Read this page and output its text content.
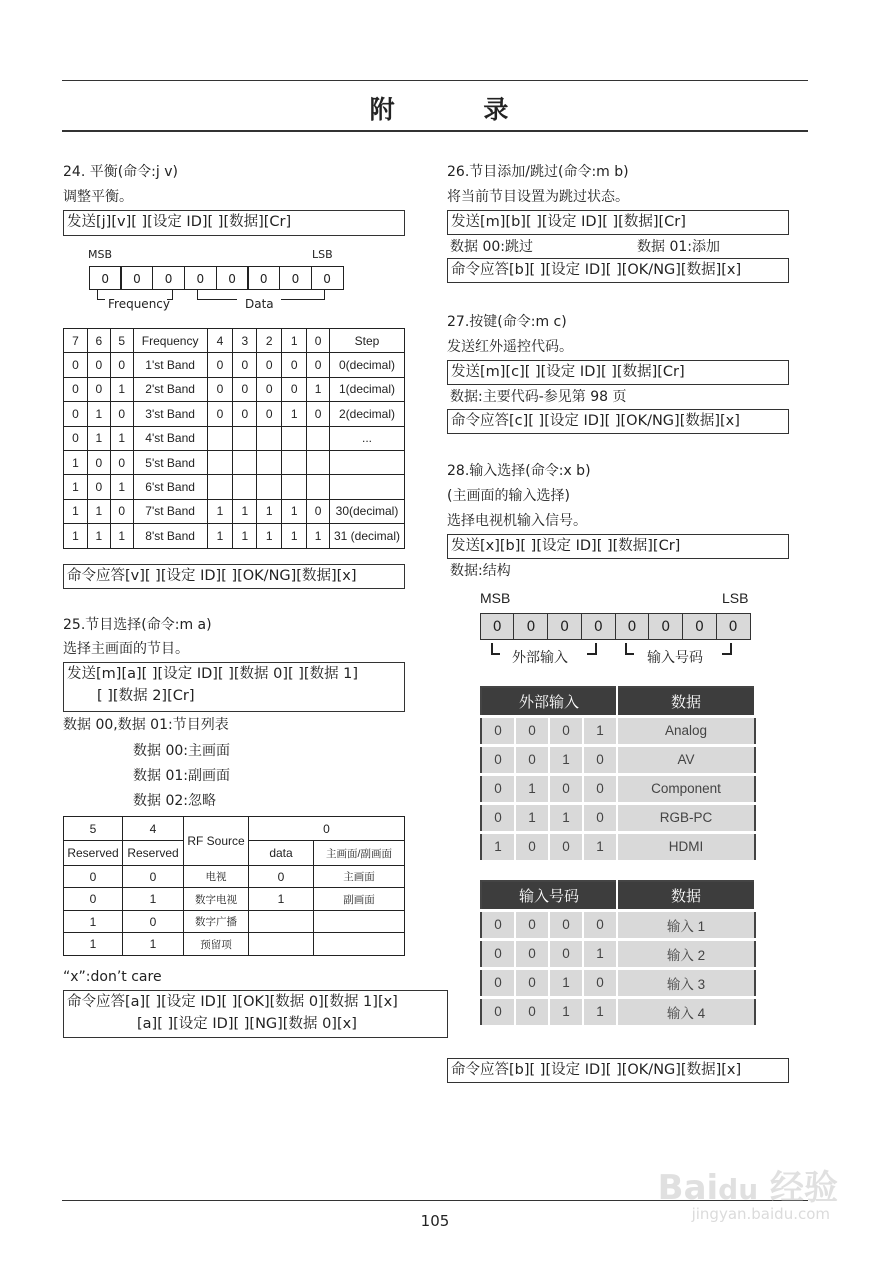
附 录
24. 平衡(命令:j v)
调整平衡。
发送[j][v][ ][设定 ID][ ][数据][Cr]
MSB	LSB
0	0	0	0	0	0	0	0
Frequency	Data
7	6	5	Frequency	4	3	2	1	0	Step
0	0	0	1'st Band	0	0	0	0	0	0(decimal)
0	0	1	2'st Band	0	0	0	0	1	1(decimal)
0	1	0	3'st Band	0	0	0	1	0	2(decimal)
0	1	1	4'st Band						...
1	0	0	5'st Band						
1	0	1	6'st Band						
1	1	0	7'st Band	1	1	1	1	0	30(decimal)
1	1	1	8'st Band	1	1	1	1	1	31 (decimal)
命令应答[v][ ][设定 ID][ ][OK/NG][数据][x]
25.节目选择(命令:m a)
选择主画面的节目。
发送[m][a][ ][设定 ID][ ][数据 0][ ][数据 1]
[ ][数据 2][Cr]
数据 00,数据 01:节目列表
数据 00:主画面
数据 01:副画面
数据 02:忽略
5	4	RF Source	0	
Reserved	Reserved		data	主画面/副画面
0	0	电视	0	主画面
0	1	数字电视	1	副画面
1	0	数字广播		
1	1	预留项		
“x”:don’t care
命令应答[a][ ][设定 ID][ ][OK][数据 0][数据 1][x]
[a][ ][设定 ID][ ][NG][数据 0][x]
26.节目添加/跳过(命令:m b)
将当前节目设置为跳过状态。
发送[m][b][ ][设定 ID][ ][数据][Cr]
数据 00:跳过	数据 01:添加
命令应答[b][ ][设定 ID][ ][OK/NG][数据][x]
27.按键(命令:m c)
发送红外遥控代码。
发送[m][c][ ][设定 ID][ ][数据][Cr]
数据:主要代码-参见第 98 页
命令应答[c][ ][设定 ID][ ][OK/NG][数据][x]
28.输入选择(命令:x b)
(主画面的输入选择)
选择电视机输入信号。
发送[x][b][ ][设定 ID][ ][数据][Cr]
数据:结构
MSB	LSB
0	0	0	0	0	0	0	0
外部输入	输入号码
外部输入				数据
0	0	0	1	Analog
0	0	1	0	AV
0	1	0	0	Component
0	1	1	0	RGB-PC
1	0	0	1	HDMI
输入号码				数据
0	0	0	0	输入 1
0	0	0	1	输入 2
0	0	1	0	输入 3
0	0	1	1	输入 4
命令应答[b][ ][设定 ID][ ][OK/NG][数据][x]
105
Baidu 经验
jingyan.baidu.com
